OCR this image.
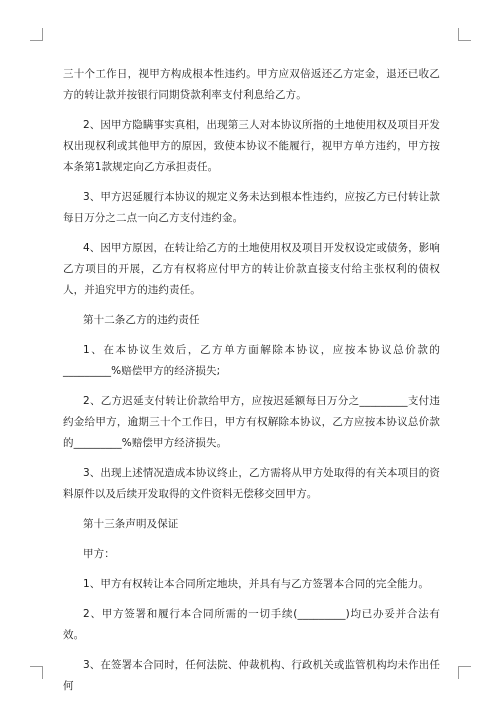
三十个工作日，视甲方构成根本性违约。甲方应双倍返还乙方定金，退还已收乙方的转让款并按银行同期贷款利率支付利息给乙方。

2、因甲方隐瞒事实真相，出现第三人对本协议所指的土地使用权及项目开发权出现权利或其他甲方的原因，致使本协议不能履行，视甲方单方违约，甲方按本条第1款规定向乙方承担责任。

3、甲方迟延履行本协议的规定义务未达到根本性违约，应按乙方已付转让款每日万分之二点一向乙方支付违约金。

4、因甲方原因，在转让给乙方的土地使用权及项目开发权设定或债务，影响乙方项目的开展，乙方有权将应付甲方的转让价款直接支付给主张权利的债权人，并追究甲方的违约责任。

第十二条乙方的违约责任

1、在本协议生效后，乙方单方面解除本协议，应按本协议总价款的_________%赔偿甲方的经济损失;

2、乙方迟延支付转让价款给甲方，应按迟延额每日万分之_________支付违约金给甲方，逾期三十个工作日，甲方有权解除本协议，乙方应按本协议总价款的_________%赔偿甲方经济损失。

3、出现上述情况造成本协议终止，乙方需将从甲方处取得的有关本项目的资料原件以及后续开发取得的文件资料无偿移交回甲方。

第十三条声明及保证

甲方：

1、甲方有权转让本合同所定地块，并具有与乙方签署本合同的完全能力。

2、甲方签署和履行本合同所需的一切手续(_________)均已办妥并合法有效。

3、在签署本合同时，任何法院、仲裁机构、行政机关或监管机构均未作出任何
